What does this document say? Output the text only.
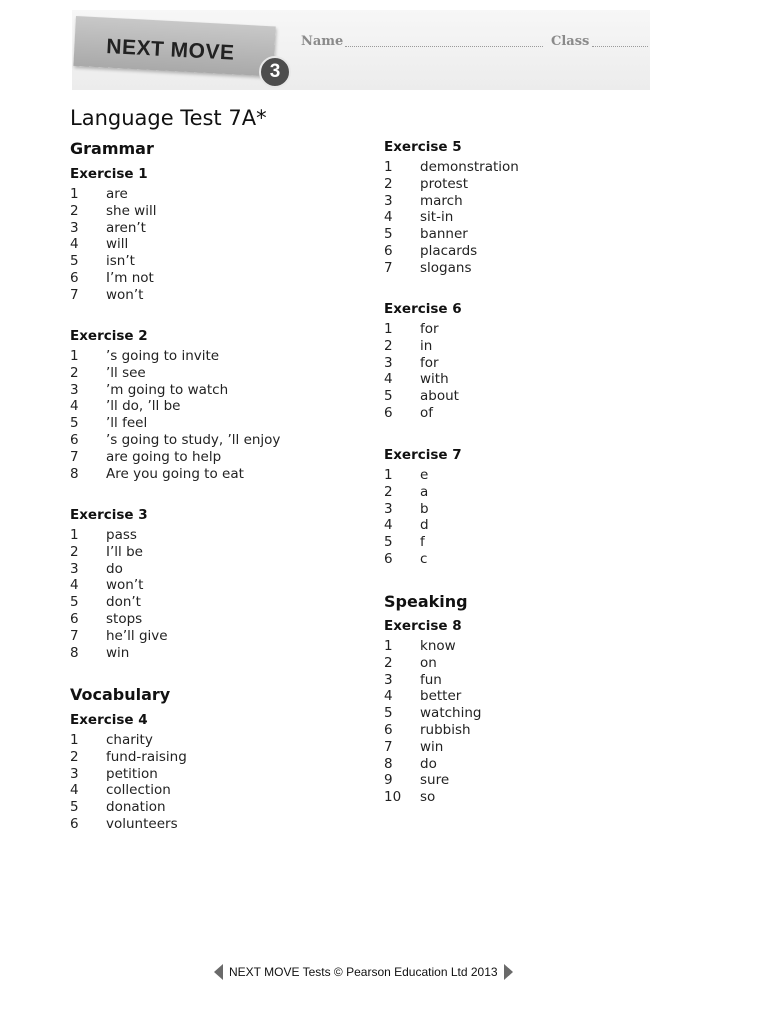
NEXT MOVE
3
Name	Class
Language Test 7A*
Grammar
Exercise 1
1 are
2 she will
3 aren’t
4 will
5 isn’t
6 I’m not
7 won’t
Exercise 2
1 ’s going to invite
2 ’ll see
3 ’m going to watch
4 ’ll do, ’ll be
5 ’ll feel
6 ’s going to study, ’ll enjoy
7 are going to help
8 Are you going to eat
Exercise 3
1 pass
2 I’ll be
3 do
4 won’t
5 don’t
6 stops
7 he’ll give
8 win
Vocabulary
Exercise 4
1 charity
2 fund-raising
3 petition
4 collection
5 donation
6 volunteers
Exercise 5
1 demonstration
2 protest
3 march
4 sit-in
5 banner
6 placards
7 slogans
Exercise 6
1 for
2 in
3 for
4 with
5 about
6 of
Exercise 7
1 e
2 a
3 b
4 d
5 f
6 c
Speaking
Exercise 8
1 know
2 on
3 fun
4 better
5 watching
6 rubbish
7 win
8 do
9 sure
10 so
NEXT MOVE Tests © Pearson Education Ltd 2013
